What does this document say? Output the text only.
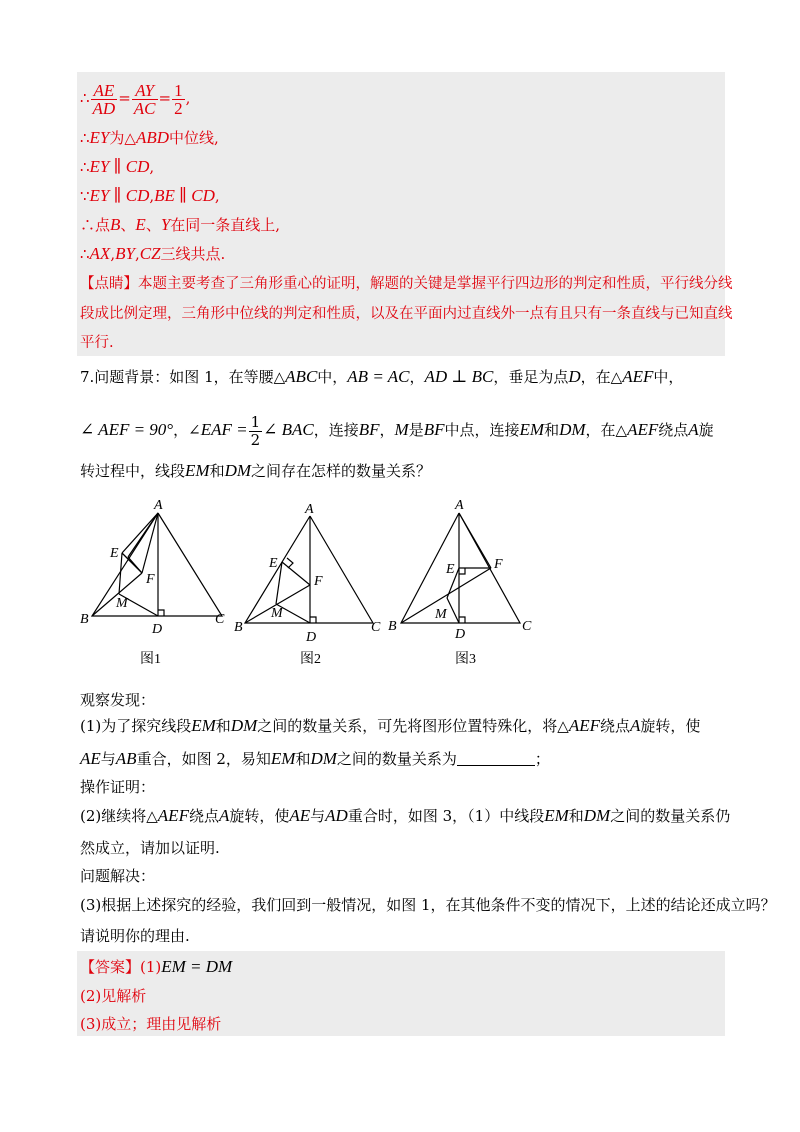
∴ $\frac{AE}{AD} = \frac{AY}{AC} = \frac{1}{2}$ ,
∴EY为△ABD中位线,
∴EY ∥ CD,
∵EY ∥ CD,BE ∥ CD,
∴点B、E、Y在同一条直线上,
∴AX,BY,CZ三线共点.
【点睛】本题主要考查了三角形重心的证明，解题的关键是掌握平行四边形的判定和性质，平行线分线
段成比例定理，三角形中位线的判定和性质，以及在平面内过直线外一点有且只有一条直线与已知直线
平行.
7.问题背景：如图 1，在等腰△ABC中，AB = AC，AD ⊥ BC，垂足为点D，在△AEF中，
∠ AEF = 90°，∠EAF = $\frac{1}{2}$ ∠ BAC，连接BF，M是BF中点，连接EM和DM，在△AEF绕点A旋
转过程中，线段EM和DM之间存在怎样的数量关系？
A
E
F
M
B
D
C
图1
A
E
F
M
B
D
C
图2
A
E	F
M
B
D
C
图3
观察发现：
(1)为了探究线段EM和DM之间的数量关系，可先将图形位置特殊化，将△AEF绕点A旋转，使
AE与AB重合，如图 2，易知EM和DM之间的数量关系为	；
操作证明：
(2)继续将△AEF绕点A旋转，使AE与AD重合时，如图 3，（1）中线段EM和DM之间的数量关系仍
然成立，请加以证明.
问题解决：
(3)根据上述探究的经验，我们回到一般情况，如图 1，在其他条件不变的情况下，上述的结论还成立吗？
请说明你的理由.
【答案】(1)EM = DM
(2)见解析
(3)成立；理由见解析
